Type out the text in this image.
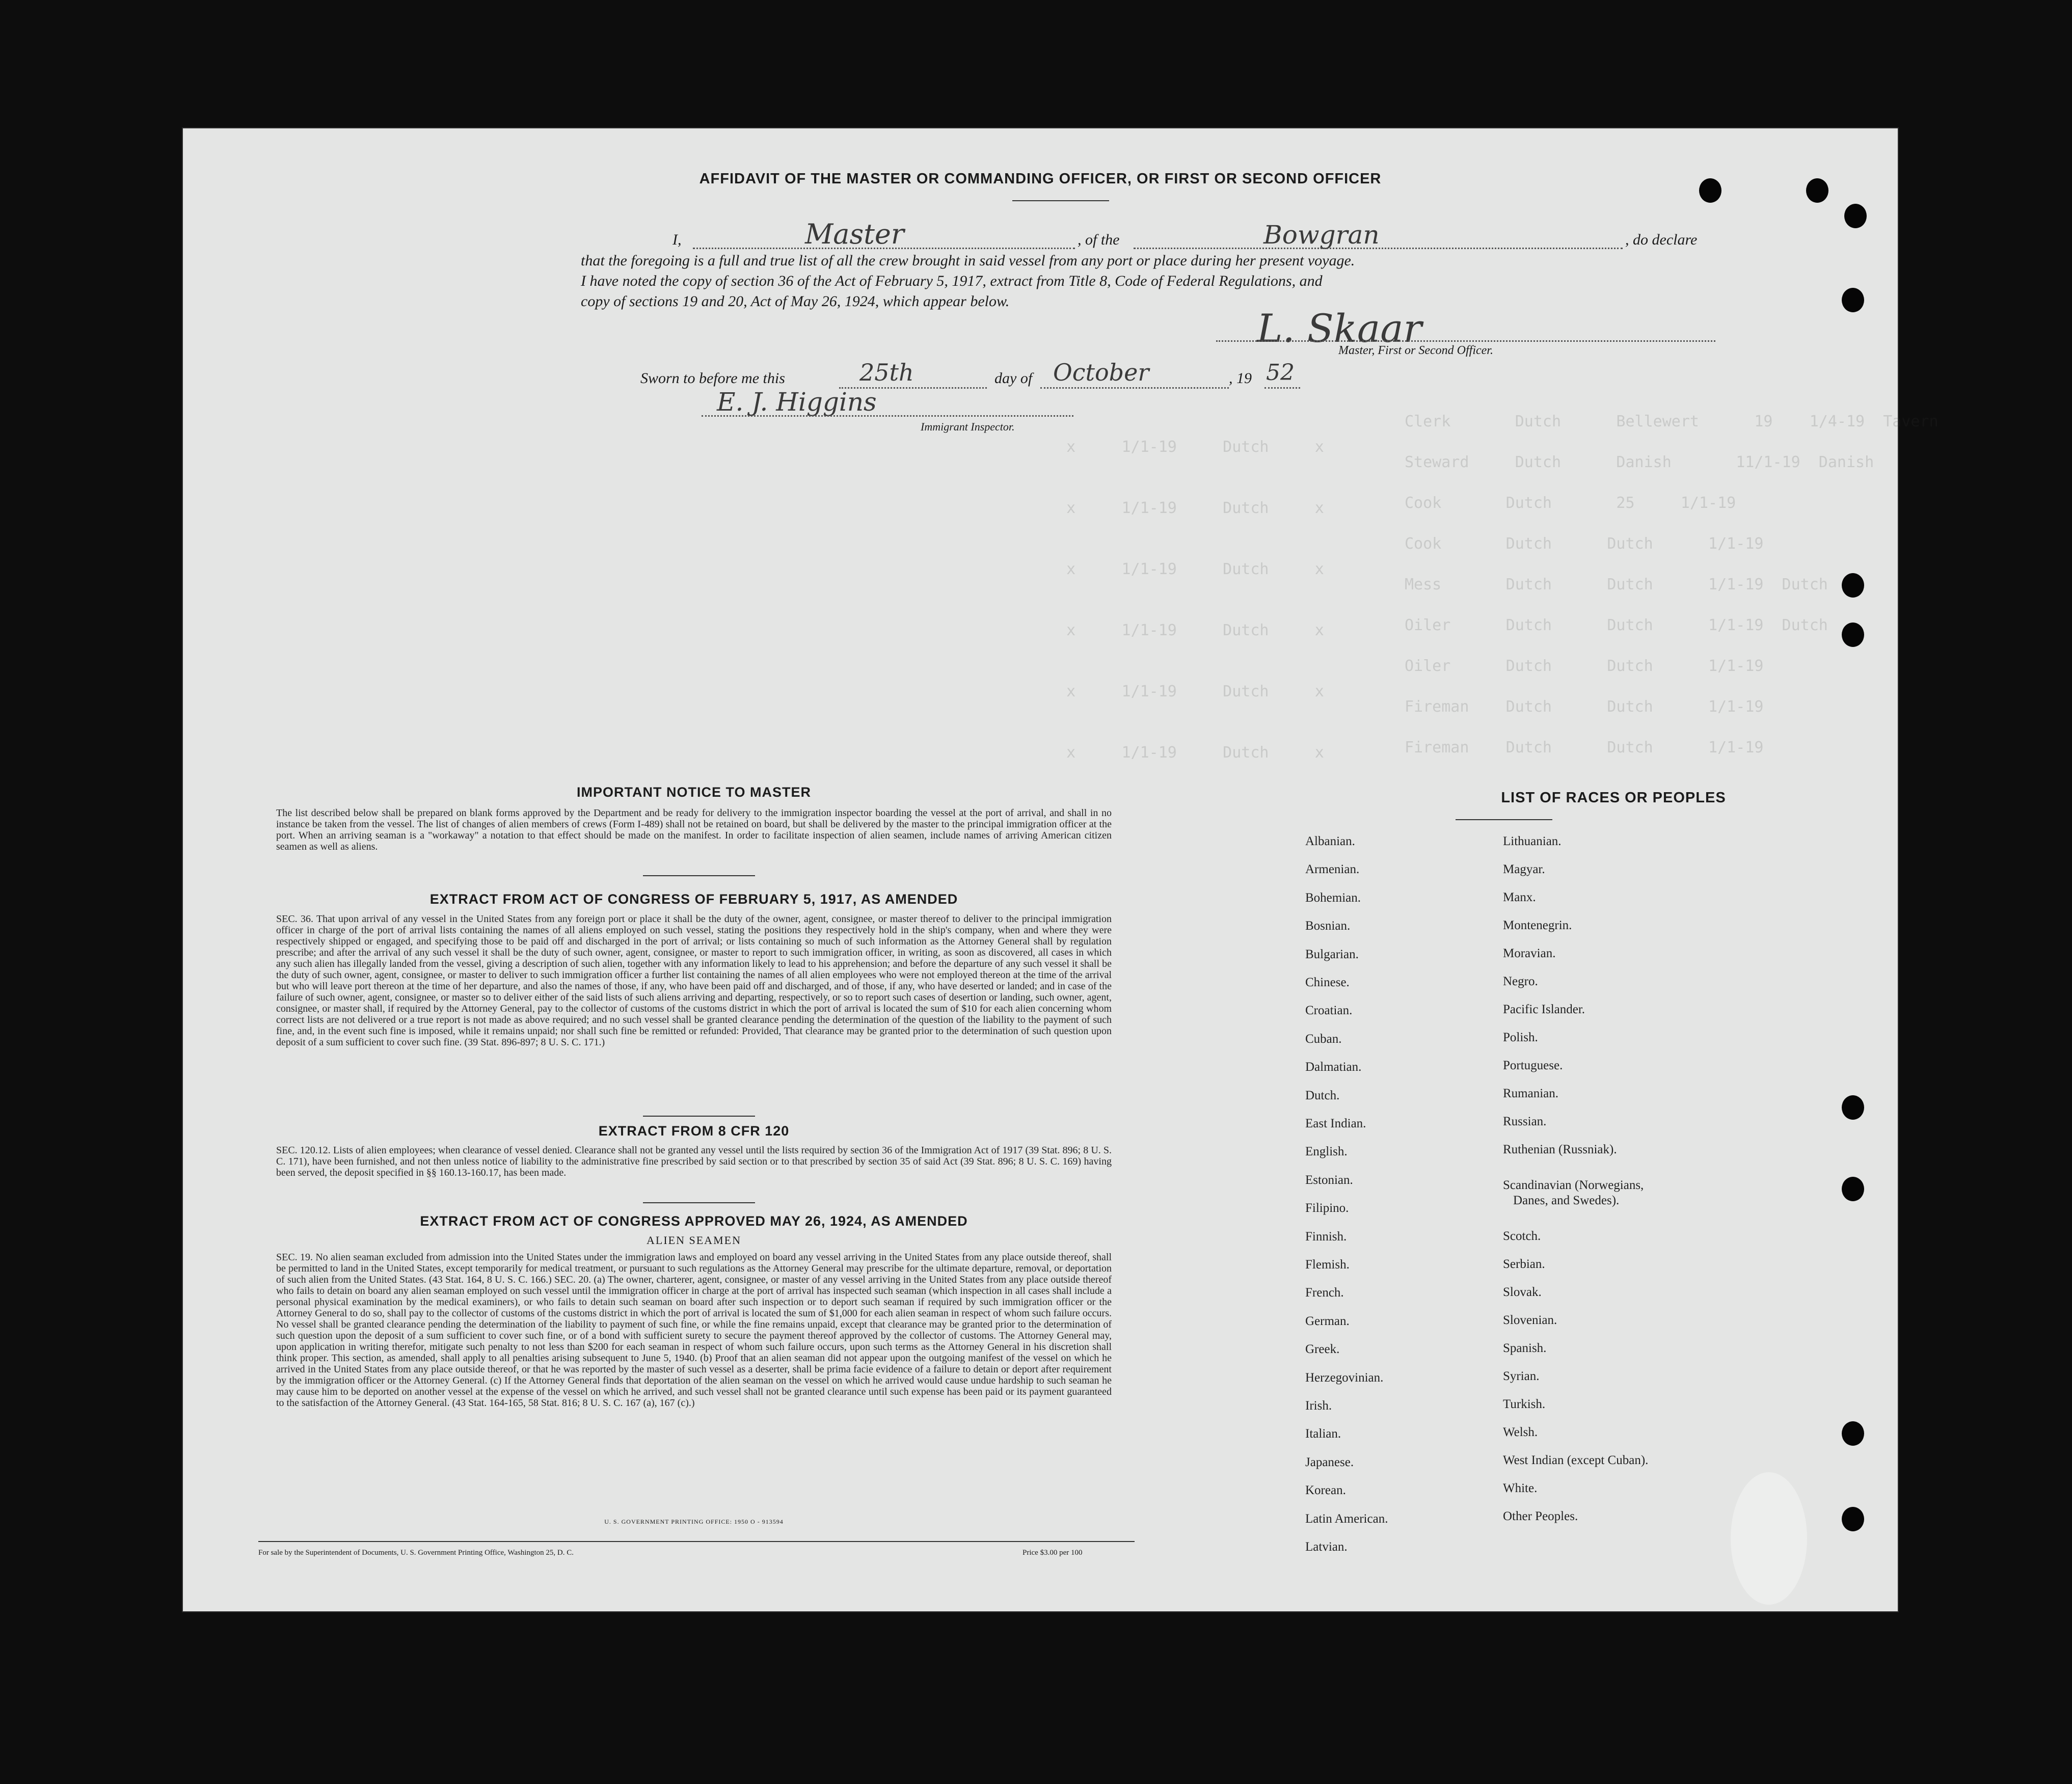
Clerk       Dutch      Bellewert      19    1/4-19  Tavern
Steward     Dutch      Danish       11/1-19  Danish
Cook       Dutch       25     1/1-19
Cook       Dutch      Dutch      1/1-19
Mess       Dutch      Dutch      1/1-19  Dutch
Oiler      Dutch      Dutch      1/1-19  Dutch
Oiler      Dutch      Dutch      1/1-19
Fireman    Dutch      Dutch      1/1-19
Fireman    Dutch      Dutch      1/1-19
x     1/1-19     Dutch     x
x     1/1-19     Dutch     x
x     1/1-19     Dutch     x
x     1/1-19     Dutch     x
x     1/1-19     Dutch     x
x     1/1-19     Dutch     x
AFFIDAVIT OF THE MASTER OR COMMANDING OFFICER, OR FIRST OR SECOND OFFICER
I,	Master	, of the	Bowgran	, do declare
that the foregoing is a full and true list of all the crew brought in said vessel from any port or place during her present voyage.
I have noted the copy of section 36 of the Act of February 5, 1917, extract from Title 8, Code of Federal Regulations, and
copy of sections 19 and 20, Act of May 26, 1924, which appear below.
L. Skaar
Master, First or Second Officer.
Sworn to before me this	25th	day of October	, 19 52
E. J. Higgins
Immigrant Inspector.
IMPORTANT NOTICE TO MASTER
The list described below shall be prepared on blank forms approved by the Department and be ready for delivery to the immigration inspector boarding the vessel at the port of arrival, and shall in no instance be taken from the vessel. The list of changes of alien members of crews (Form I-489) shall not be retained on board, but shall be delivered by the master to the principal immigration officer at the port. When an arriving seaman is a "workaway" a notation to that effect should be made on the manifest. In order to facilitate inspection of alien seamen, include names of arriving American citizen seamen as well as aliens.
EXTRACT FROM ACT OF CONGRESS OF FEBRUARY 5, 1917, AS AMENDED
SEC. 36. That upon arrival of any vessel in the United States from any foreign port or place it shall be the duty of the owner, agent, consignee, or master thereof to deliver to the principal immigration officer in charge of the port of arrival lists containing the names of all aliens employed on such vessel, stating the positions they respectively hold in the ship's company, when and where they were respectively shipped or engaged, and specifying those to be paid off and discharged in the port of arrival; or lists containing so much of such information as the Attorney General shall by regulation prescribe; and after the arrival of any such vessel it shall be the duty of such owner, agent, consignee, or master to report to such immigration officer, in writing, as soon as discovered, all cases in which any such alien has illegally landed from the vessel, giving a description of such alien, together with any information likely to lead to his apprehension; and before the departure of any such vessel it shall be the duty of such owner, agent, consignee, or master to deliver to such immigration officer a further list containing the names of all alien employees who were not employed thereon at the time of the arrival but who will leave port thereon at the time of her departure, and also the names of those, if any, who have been paid off and discharged, and of those, if any, who have deserted or landed; and in case of the failure of such owner, agent, consignee, or master so to deliver either of the said lists of such aliens arriving and departing, respectively, or so to report such cases of desertion or landing, such owner, agent, consignee, or master shall, if required by the Attorney General, pay to the collector of customs of the customs district in which the port of arrival is located the sum of $10 for each alien concerning whom correct lists are not delivered or a true report is not made as above required; and no such vessel shall be granted clearance pending the determination of the question of the liability to the payment of such fine, and, in the event such fine is imposed, while it remains unpaid; nor shall such fine be remitted or refunded: Provided, That clearance may be granted prior to the determination of such question upon deposit of a sum sufficient to cover such fine. (39 Stat. 896-897; 8 U. S. C. 171.)
EXTRACT FROM 8 CFR 120
SEC. 120.12. Lists of alien employees; when clearance of vessel denied. Clearance shall not be granted any vessel until the lists required by section 36 of the Immigration Act of 1917 (39 Stat. 896; 8 U. S. C. 171), have been furnished, and not then unless notice of liability to the administrative fine prescribed by said section or to that prescribed by section 35 of said Act (39 Stat. 896; 8 U. S. C. 169) having been served, the deposit specified in §§ 160.13-160.17, has been made.
EXTRACT FROM ACT OF CONGRESS APPROVED MAY 26, 1924, AS AMENDED
ALIEN SEAMEN
SEC. 19. No alien seaman excluded from admission into the United States under the immigration laws and employed on board any vessel arriving in the United States from any place outside thereof, shall be permitted to land in the United States, except temporarily for medical treatment, or pursuant to such regulations as the Attorney General may prescribe for the ultimate departure, removal, or deportation of such alien from the United States. (43 Stat. 164, 8 U. S. C. 166.) SEC. 20. (a) The owner, charterer, agent, consignee, or master of any vessel arriving in the United States from any place outside thereof who fails to detain on board any alien seaman employed on such vessel until the immigration officer in charge at the port of arrival has inspected such seaman (which inspection in all cases shall include a personal physical examination by the medical examiners), or who fails to detain such seaman on board after such inspection or to deport such seaman if required by such immigration officer or the Attorney General to do so, shall pay to the collector of customs of the customs district in which the port of arrival is located the sum of $1,000 for each alien seaman in respect of whom such failure occurs. No vessel shall be granted clearance pending the determination of the liability to payment of such fine, or while the fine remains unpaid, except that clearance may be granted prior to the determination of such question upon the deposit of a sum sufficient to cover such fine, or of a bond with sufficient surety to secure the payment thereof approved by the collector of customs. The Attorney General may, upon application in writing therefor, mitigate such penalty to not less than $200 for each seaman in respect of whom such failure occurs, upon such terms as the Attorney General in his discretion shall think proper. This section, as amended, shall apply to all penalties arising subsequent to June 5, 1940. (b) Proof that an alien seaman did not appear upon the outgoing manifest of the vessel on which he arrived in the United States from any place outside thereof, or that he was reported by the master of such vessel as a deserter, shall be prima facie evidence of a failure to detain or deport after requirement by the immigration officer or the Attorney General. (c) If the Attorney General finds that deportation of the alien seaman on the vessel on which he arrived would cause undue hardship to such seaman he may cause him to be deported on another vessel at the expense of the vessel on which he arrived, and such vessel shall not be granted clearance until such expense has been paid or its payment guaranteed to the satisfaction of the Attorney General. (43 Stat. 164-165, 58 Stat. 816; 8 U. S. C. 167 (a), 167 (c).)
U. S. GOVERNMENT PRINTING OFFICE: 1950 O - 913594
For sale by the Superintendent of Documents, U. S. Government Printing Office, Washington 25, D. C.	Price $3.00 per 100
LIST OF RACES OR PEOPLES
Albanian.
Armenian.
Bohemian.
Bosnian.
Bulgarian.
Chinese.
Croatian.
Cuban.
Dalmatian.
Dutch.
East Indian.
English.
Estonian.
Filipino.
Finnish.
Flemish.
French.
German.
Greek.
Herzegovinian.
Irish.
Italian.
Japanese.
Korean.
Latin American.
Latvian.
Lithuanian.
Magyar.
Manx.
Montenegrin.
Moravian.
Negro.
Pacific Islander.
Polish.
Portuguese.
Rumanian.
Russian.
Ruthenian (Russniak).
Scandinavian (Norwegians,
Danes, and Swedes).
Scotch.
Serbian.
Slovak.
Slovenian.
Spanish.
Syrian.
Turkish.
Welsh.
West Indian (except Cuban).
White.
Other Peoples.
